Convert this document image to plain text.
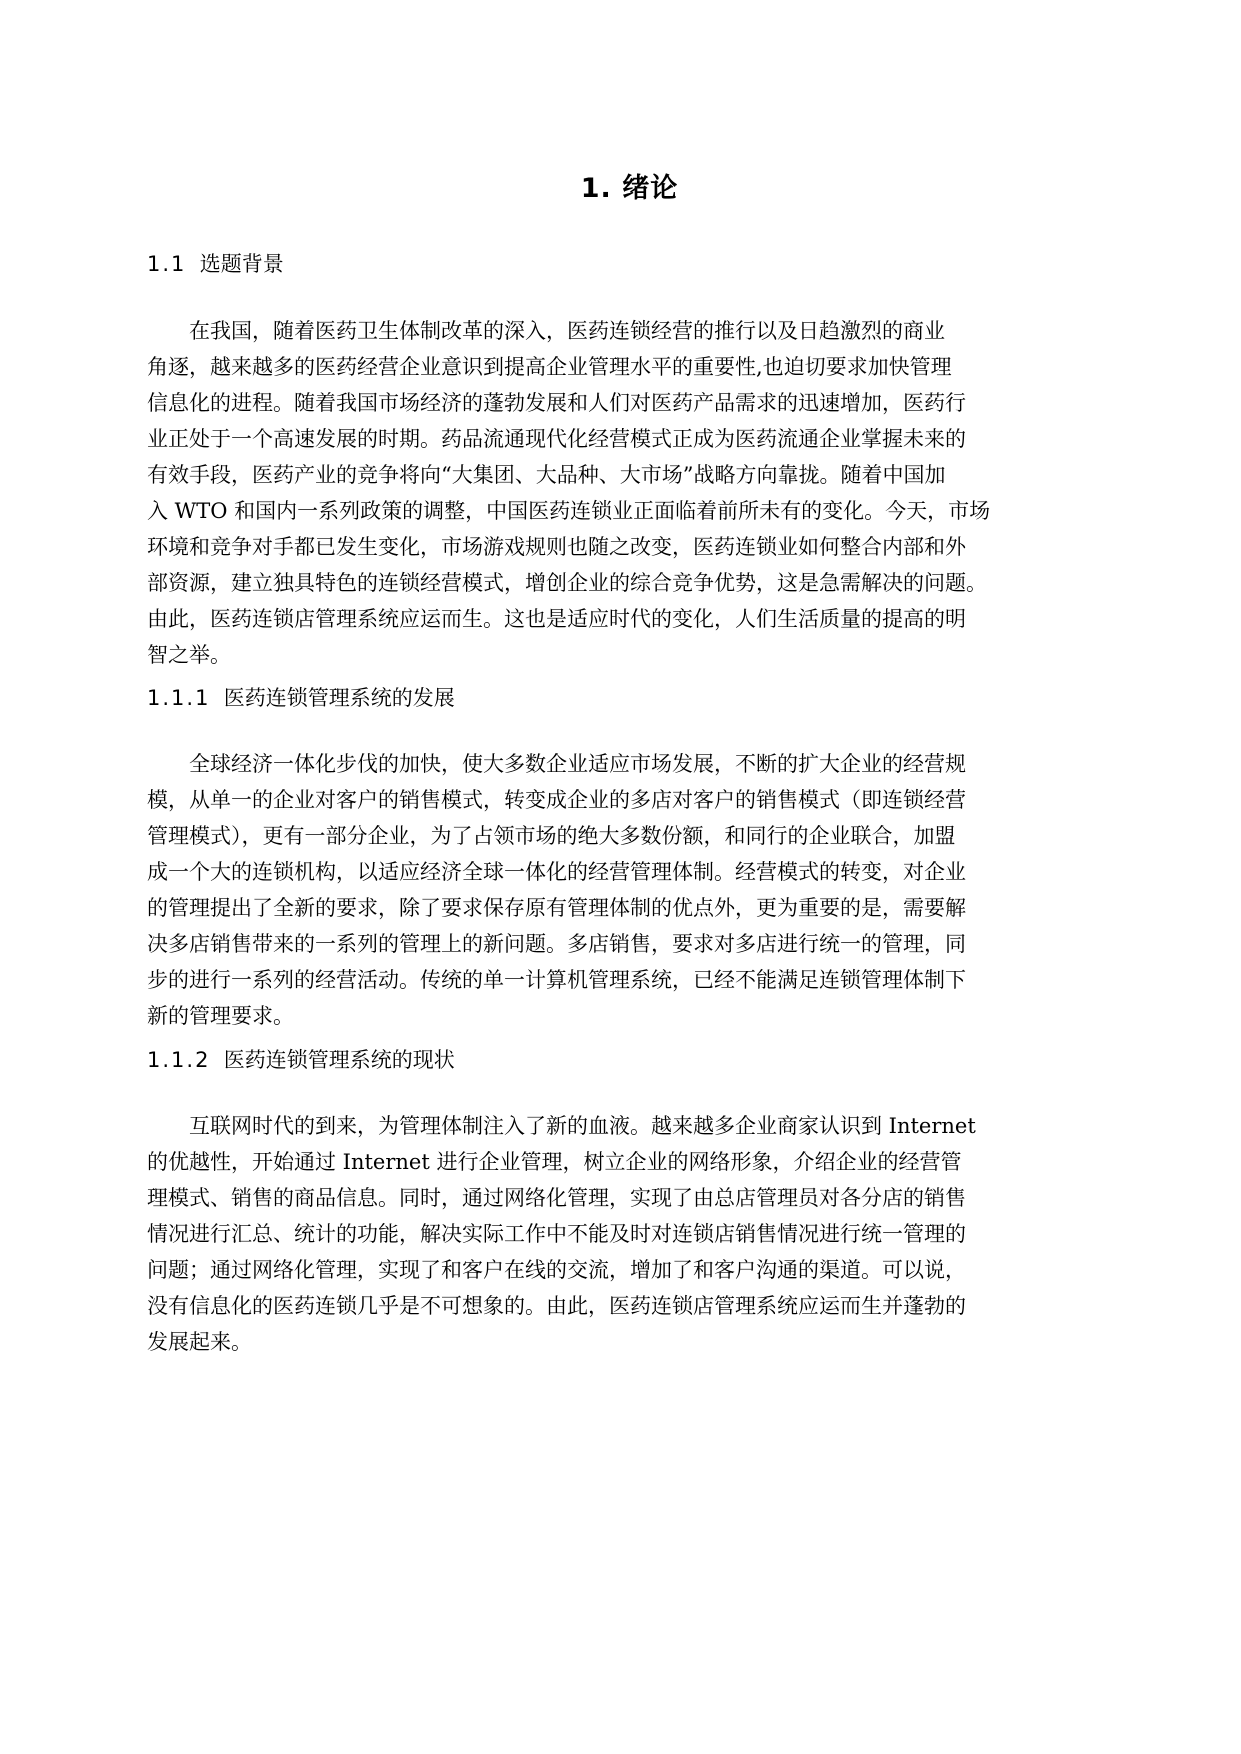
1. 绪论
1.1 选题背景
　　在我国，随着医药卫生体制改革的深入，医药连锁经营的推行以及日趋激烈的商业
角逐，越来越多的医药经营企业意识到提高企业管理水平的重要性,也迫切要求加快管理
信息化的进程。随着我国市场经济的蓬勃发展和人们对医药产品需求的迅速增加，医药行
业正处于一个高速发展的时期。药品流通现代化经营模式正成为医药流通企业掌握未来的
有效手段，医药产业的竞争将向“大集团、大品种、大市场”战略方向靠拢。随着中国加
入 WTO 和国内一系列政策的调整，中国医药连锁业正面临着前所未有的变化。今天，市场
环境和竞争对手都已发生变化，市场游戏规则也随之改变，医药连锁业如何整合内部和外
部资源，建立独具特色的连锁经营模式，增创企业的综合竞争优势，这是急需解决的问题。
由此，医药连锁店管理系统应运而生。这也是适应时代的变化，人们生活质量的提高的明
智之举。
1.1.1 医药连锁管理系统的发展
　　全球经济一体化步伐的加快，使大多数企业适应市场发展，不断的扩大企业的经营规
模，从单一的企业对客户的销售模式，转变成企业的多店对客户的销售模式（即连锁经营
管理模式），更有一部分企业，为了占领市场的绝大多数份额，和同行的企业联合，加盟
成一个大的连锁机构，以适应经济全球一体化的经营管理体制。经营模式的转变，对企业
的管理提出了全新的要求，除了要求保存原有管理体制的优点外，更为重要的是，需要解
决多店销售带来的一系列的管理上的新问题。多店销售，要求对多店进行统一的管理，同
步的进行一系列的经营活动。传统的单一计算机管理系统，已经不能满足连锁管理体制下
新的管理要求。
1.1.2 医药连锁管理系统的现状
　　互联网时代的到来，为管理体制注入了新的血液。越来越多企业商家认识到 Internet
的优越性，开始通过 Internet 进行企业管理，树立企业的网络形象，介绍企业的经营管
理模式、销售的商品信息。同时，通过网络化管理，实现了由总店管理员对各分店的销售
情况进行汇总、统计的功能，解决实际工作中不能及时对连锁店销售情况进行统一管理的
问题；通过网络化管理，实现了和客户在线的交流，增加了和客户沟通的渠道。可以说，
没有信息化的医药连锁几乎是不可想象的。由此，医药连锁店管理系统应运而生并蓬勃的
发展起来。
